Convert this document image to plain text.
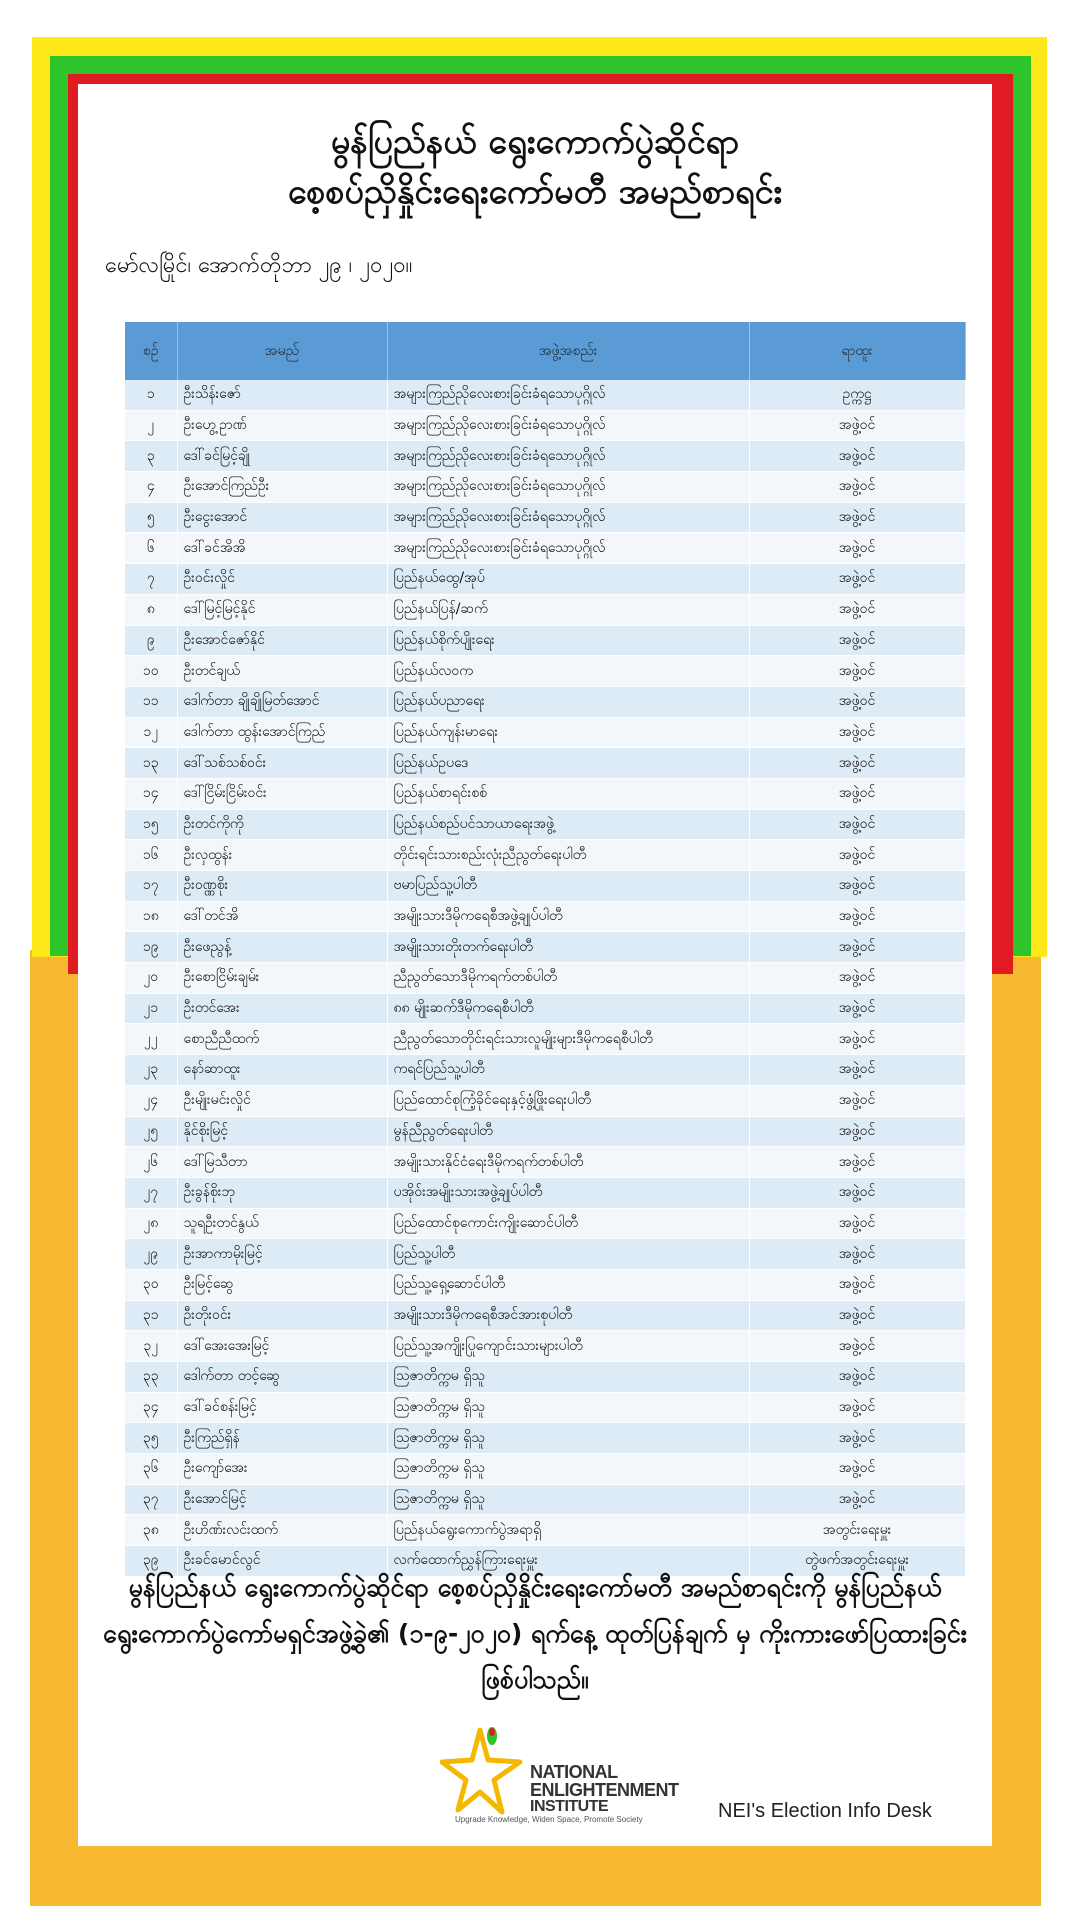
မွန်ပြည်နယ် ရွေးကောက်ပွဲဆိုင်ရာ
စေ့စပ်ညှိနှိုင်းရေးကော်မတီ အမည်စာရင်း
မော်လမြိုင်၊ အောက်တိုဘာ ၂၉ ၊ ၂၀၂၀။
စဉ်	အမည်	အဖွဲ့အစည်း	ရာထူး
၁	ဦးသိန်းဇော်	အများကြည်ညိုလေးစားခြင်းခံရသောပုဂ္ဂိုလ်	ဥက္ကဋ္ဌ
၂	ဦးဟွေ့ဥာဏ်	အများကြည်ညိုလေးစားခြင်းခံရသောပုဂ္ဂိုလ်	အဖွဲ့ဝင်
၃	ဒေါ်ခင်မြင့်ချို	အများကြည်ညိုလေးစားခြင်းခံရသောပုဂ္ဂိုလ်	အဖွဲ့ဝင်
၄	ဦးအောင်ကြည်ဦး	အများကြည်ညိုလေးစားခြင်းခံရသောပုဂ္ဂိုလ်	အဖွဲ့ဝင်
၅	ဦးငွေးအောင်	အများကြည်ညိုလေးစားခြင်းခံရသောပုဂ္ဂိုလ်	အဖွဲ့ဝင်
၆	ဒေါ်ခင်အိအိ	အများကြည်ညိုလေးစားခြင်းခံရသောပုဂ္ဂိုလ်	အဖွဲ့ဝင်
၇	ဦးဝင်းလှိုင်	ပြည်နယ်ထွေ/အုပ်	အဖွဲ့ဝင်
၈	ဒေါ်မြင့်မြင့်နိုင်	ပြည်နယ်ပြန်/ဆက်	အဖွဲ့ဝင်
၉	ဦးအောင်ဇော်နိုင်	ပြည်နယ်စိုက်ပျိုးရေး	အဖွဲ့ဝင်
၁၀	ဦးတင်ချယ်	ပြည်နယ်လဝက	အဖွဲ့ဝင်
၁၁	ဒေါက်တာ ချိုချိုမြတ်အောင်	ပြည်နယ်ပညာရေး	အဖွဲ့ဝင်
၁၂	ဒေါက်တာ ထွန်းအောင်ကြည်	ပြည်နယ်ကျန်းမာရေး	အဖွဲ့ဝင်
၁၃	ဒေါ်သစ်သစ်ဝင်း	ပြည်နယ်ဥပဒေ	အဖွဲ့ဝင်
၁၄	ဒေါ်ငြိမ်းငြိမ်းဝင်း	ပြည်နယ်စာရင်းစစ်	အဖွဲ့ဝင်
၁၅	ဦးတင်ကိုကို	ပြည်နယ်စည်ပင်သာယာရေးအဖွဲ့	အဖွဲ့ဝင်
၁၆	ဦးလှထွန်း	တိုင်းရင်းသားစည်းလုံးညီညွတ်ရေးပါတီ	အဖွဲ့ဝင်
၁၇	ဦးဝဏ္ဏစိုး	ဗမာပြည်သူ့ပါတီ	အဖွဲ့ဝင်
၁၈	ဒေါ်တင်အိ	အမျိုးသားဒီမိုကရေစီအဖွဲ့ချုပ်ပါတီ	အဖွဲ့ဝင်
၁၉	ဦးဖေညွန့်	အမျိုးသားတိုးတက်ရေးပါတီ	အဖွဲ့ဝင်
၂၀	ဦးစောငြိမ်းချမ်း	ညီညွတ်သောဒီမိုကရက်တစ်ပါတီ	အဖွဲ့ဝင်
၂၁	ဦးတင်အေး	၈၈ မျိုးဆက်ဒီမိုကရေစီပါတီ	အဖွဲ့ဝင်
၂၂	စောညီညီထက်	ညီညွတ်သောတိုင်းရင်းသားလူမျိုးများဒီမိုကရေစီပါတီ	အဖွဲ့ဝင်
၂၃	နော်ဆာထူး	ကရင်ပြည်သူ့ပါတီ	အဖွဲ့ဝင်
၂၄	ဦးမျိုးမင်းလှိုင်	ပြည်ထောင်စုကြံ့ခိုင်ရေးနှင့်ဖွံ့ဖြိုးရေးပါတီ	အဖွဲ့ဝင်
၂၅	နိုင်စိုးမြင့်	မွန်ညီညွတ်ရေးပါတီ	အဖွဲ့ဝင်
၂၆	ဒေါ်မြသီတာ	အမျိုးသားနိုင်ငံရေးဒီမိုကရက်တစ်ပါတီ	အဖွဲ့ဝင်
၂၇	ဦးခွန်စိုးဘု	ပအိုဝ်းအမျိုးသားအဖွဲ့ချုပ်ပါတီ	အဖွဲ့ဝင်
၂၈	သူရဦးတင်နွယ်	ပြည်ထောင်စုကောင်းကျိုးဆောင်ပါတီ	အဖွဲ့ဝင်
၂၉	ဦးအာကာမိုးမြင့်	ပြည်သူ့ပါတီ	အဖွဲ့ဝင်
၃၀	ဦးမြင့်ဆွေ	ပြည်သူ့ရှေ့ဆောင်ပါတီ	အဖွဲ့ဝင်
၃၁	ဦးတိုးဝင်း	အမျိုးသားဒီမိုကရေစီအင်အားစုပါတီ	အဖွဲ့ဝင်
၃၂	ဒေါ်အေးအေးမြင့်	ပြည်သူ့အကျိုးပြုကျောင်းသားများပါတီ	အဖွဲ့ဝင်
၃၃	ဒေါက်တာ တင့်ဆွေ	သြဇာတိက္ကမ ရှိသူ	အဖွဲ့ဝင်
၃၄	ဒေါ်ခင်စန်းမြင့်	သြဇာတိက္ကမ ရှိသူ	အဖွဲ့ဝင်
၃၅	ဦးကြည်ရှိန်	သြဇာတိက္ကမ ရှိသူ	အဖွဲ့ဝင်
၃၆	ဦးကျော်အေး	သြဇာတိက္ကမ ရှိသူ	အဖွဲ့ဝင်
၃၇	ဦးအောင်မြင့်	သြဇာတိက္ကမ ရှိသူ	အဖွဲ့ဝင်
၃၈	ဦးဟိဏ်းလင်းထက်	ပြည်နယ်ရွေးကောက်ပွဲအရာရှိ	အတွင်းရေးမှူး
၃၉	ဦးခင်မောင်လွင်	လက်ထောက်ညွှန်ကြားရေးမှူး	တွဲဖက်အတွင်းရေးမှူး
မွန်ပြည်နယ် ရွေးကောက်ပွဲဆိုင်ရာ စေ့စပ်ညှိနှိုင်းရေးကော်မတီ အမည်စာရင်းကို မွန်ပြည်နယ် ရွေးကောက်ပွဲကော်မရှင်အဖွဲ့ခွဲ၏ (၁-၉-၂၀၂၀) ရက်နေ့ ထုတ်ပြန်ချက် မှ ကိုးကားဖော်ပြထားခြင်း ဖြစ်ပါသည်။
NATIONAL
ENLIGHTENMENT
INSTITUTE
Upgrade Knowledge, Widen Space, Promote Society	NEI's Election Info Desk
